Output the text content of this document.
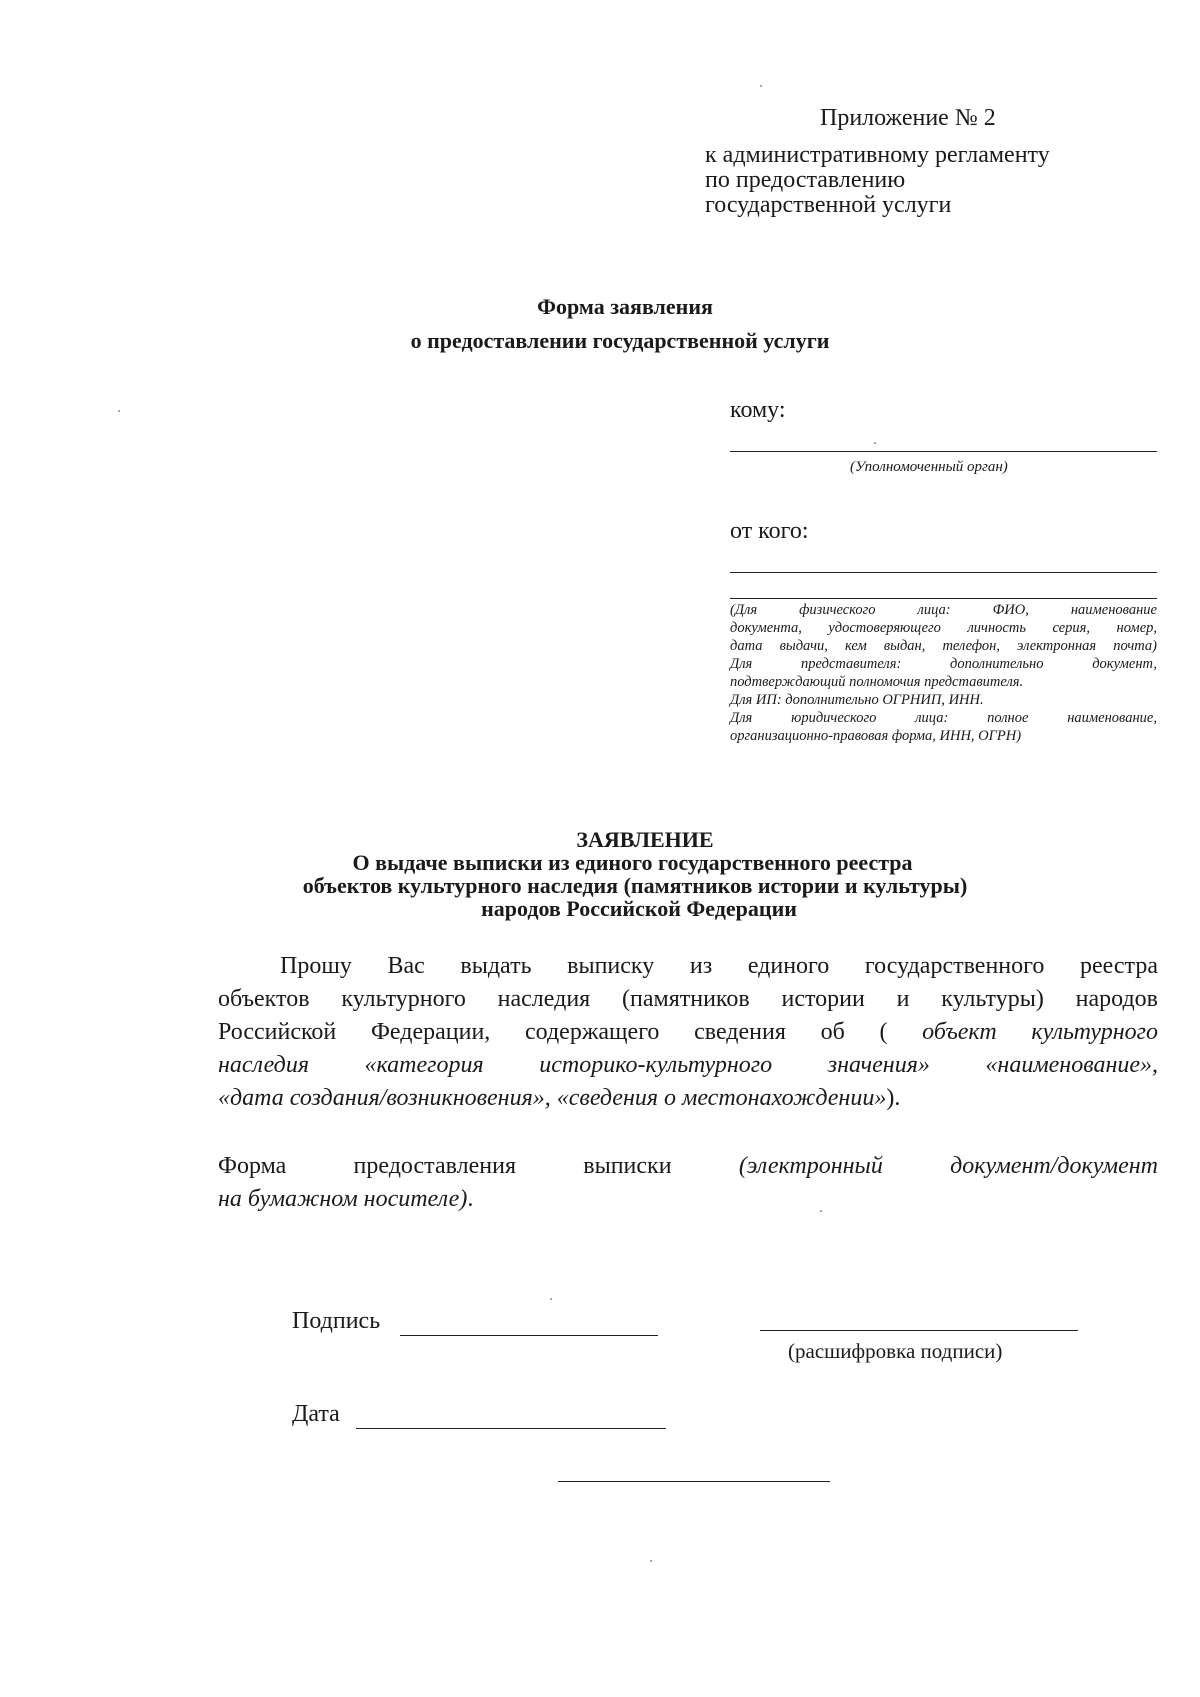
Приложение № 2
к административному регламенту
по предоставлению
государственной услуги
Форма заявления
о предоставлении государственной услуги
кому:
(Уполномоченный орган)
от кого:
(Для физического лица: ФИО, наименование
документа, удостоверяющего личность серия, номер,
дата выдачи, кем выдан, телефон, электронная почта)
Для представителя: дополнительно документ,
подтверждающий полномочия представителя.
Для ИП: дополнительно ОГРНИП, ИНН.
Для юридического лица: полное наименование,
организационно-правовая форма, ИНН, ОГРН)
ЗАЯВЛЕНИЕ
О выдаче выписки из единого государственного реестра
объектов культурного наследия (памятников истории и культуры)
народов Российской Федерации
Прошу Вас выдать выписку из единого государственного реестра
объектов культурного наследия (памятников истории и культуры) народов
Российской Федерации, содержащего сведения об ( объект культурного
наследия «категория историко-культурного значения» «наименование»,
«дата создания/возникновения», «сведения о местонахождении»).
Форма предоставления выписки	(электронный документ/документ
на бумажном носителе).
Подпись
(расшифровка подписи)
Дата
